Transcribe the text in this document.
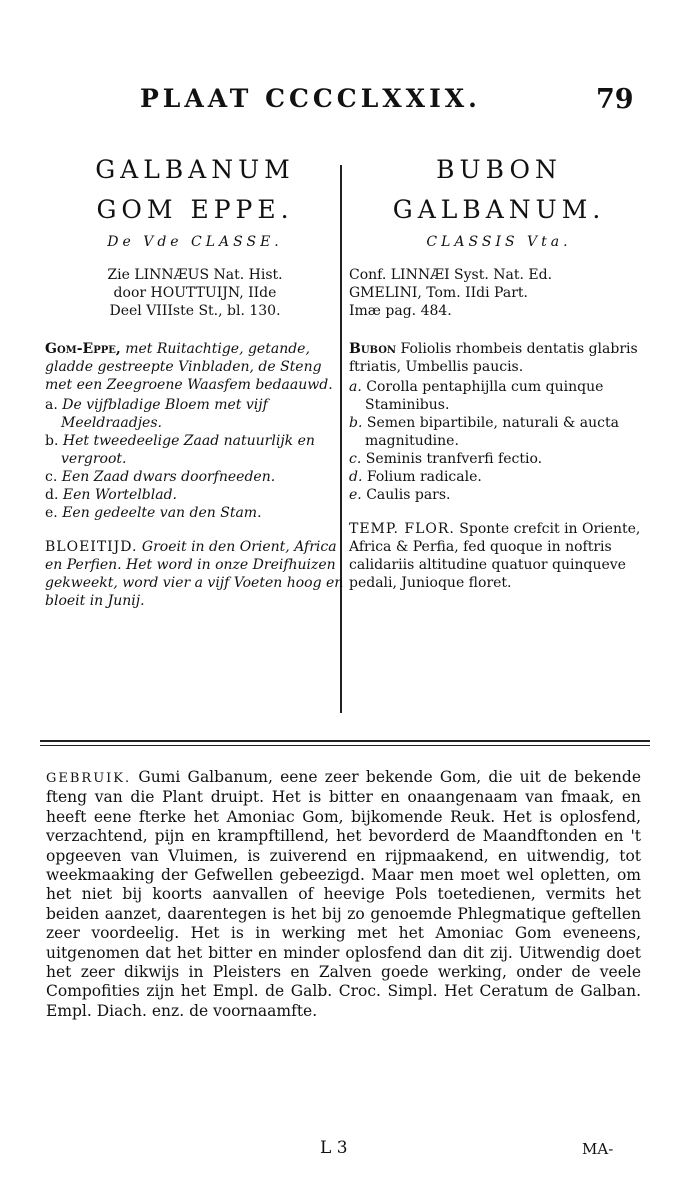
PLAAT CCCCLXXIX.	79
GALBANUM
GOM EPPE.
De Vde CLASSE.
Zie LINNÆUS Nat. Hist.
door HOUTTUIJN, IIde
Deel VIIIste St., bl. 130.
Gom-Eppe, met Ruitachtige, getande, gladde gestreepte Vinbladen, de Steng met een Zeegroene Waasfem bedaauwd.
a. De vijfbladige Bloem met vijf Meeldraadjes.
b. Het tweedeelige Zaad natuurlijk en vergroot.
c. Een Zaad dwars doorfneeden.
d. Een Wortelblad.
e. Een gedeelte van den Stam.
BLOEITIJD. Groeit in den Orient, Africa en Perfien. Het word in onze Dreifhuizen gekweekt, word vier a vijf Voeten hoog en bloeit in Junij.
BUBON
GALBANUM.
CLASSIS Vta.
Conf. LINNÆI Syst. Nat. Ed.
GMELINI, Tom. IIdi Part.
Imæ pag. 484.
Bubon Foliolis rhombeis dentatis glabris ftriatis, Umbellis paucis.
a. Corolla pentaphijlla cum quinque Staminibus.
b. Semen bipartibile, naturali & aucta magnitudine.
c. Seminis tranfverfi fectio.
d. Folium radicale.
e. Caulis pars.
TEMP. FLOR. Sponte crefcit in Oriente, Africa & Perfia, fed quoque in noftris calidariis altitudine quatuor quinqueve pedali, Junioque floret.
GEBRUIK. Gumi Galbanum, eene zeer bekende Gom, die uit de bekende fteng van die Plant druipt. Het is bitter en onaangenaam van fmaak, en heeft eene fterke het Amoniac Gom, bijkomende Reuk. Het is oplosfend, verzachtend, pijn en krampftillend, het bevorderd de Maandftonden en 't opgeeven van Vluimen, is zuiverend en rijpmaakend, en uitwendig, tot weekmaaking der Gefwellen gebeezigd. Maar men moet wel opletten, om het niet bij koorts aanvallen of heevige Pols toetedienen, vermits het beiden aanzet, daarentegen is het bij zo genoemde Phlegmatique geftellen zeer voordeelig. Het is in werking met het Amoniac Gom eveneens, uitgenomen dat het bitter en minder oplosfend dan dit zij. Uitwendig doet het zeer dikwijs in Pleisters en Zalven goede werking, onder de veele Compofities zijn het Empl. de Galb. Croc. Simpl. Het Ceratum de Galban. Empl. Diach. enz. de voornaamfte.
L 3	MA-
